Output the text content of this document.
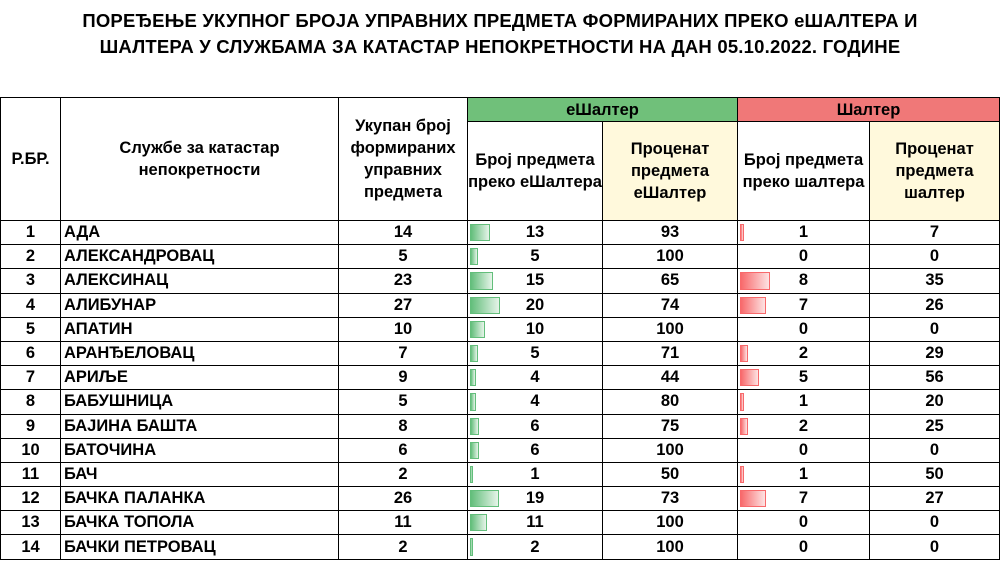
ПОРЕЂЕЊЕ УКУПНОГ БРОЈА УПРАВНИХ ПРЕДМЕТА ФОРМИРАНИХ ПРЕКО еШАЛТЕРА И
ШАЛТЕРА У СЛУЖБАМА ЗА КАТАСТАР НЕПОКРЕТНОСТИ НА ДАН 05.10.2022. ГОДИНЕ
Р.БР.	Службе за катастар непокретности	Укупан број формираних управних предмета	еШалтер		Шалтер	
			Број предмета преко еШалтера	Проценат предмета еШалтер	Број предмета преко шалтера	Проценат предмета шалтер
1	АДА	14	13	93	1	7
2	АЛЕКСАНДРОВАЦ	5	5	100	0	0
3	АЛЕКСИНАЦ	23	15	65	8	35
4	АЛИБУНАР	27	20	74	7	26
5	АПАТИН	10	10	100	0	0
6	АРАНЂЕЛОВАЦ	7	5	71	2	29
7	АРИЉЕ	9	4	44	5	56
8	БАБУШНИЦА	5	4	80	1	20
9	БАЈИНА БАШТА	8	6	75	2	25
10	БАТОЧИНА	6	6	100	0	0
11	БАЧ	2	1	50	1	50
12	БАЧКА ПАЛАНКА	26	19	73	7	27
13	БАЧКА ТОПОЛА	11	11	100	0	0
14	БАЧКИ ПЕТРОВАЦ	2	2	100	0	0
